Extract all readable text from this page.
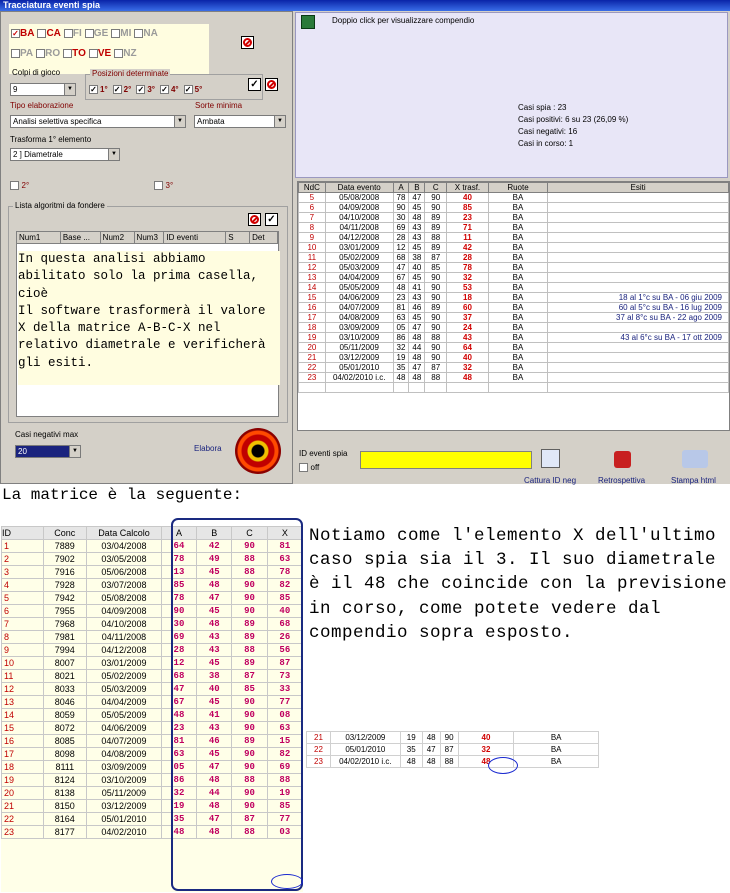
Tracciatura eventi spia
✓BACAFIGEMINA
PAROTOVENZ
Colpi di gioco
9	▼
Posizioni determinate
✓ 1° ✓ 2° ✓ 3° ✓ 4° ✓ 5°	✓
Tipo elaborazione
Analisi selettiva specifica	▼
Sorte minima
Ambata	▼
Trasforma 1° elemento
2 ] Diametrale	▼
2°	3°
Lista algoritmi da fondere
✓
Num1	Base ...	Num2	Num3	ID eventi	S	Det
Casi negativi max
20	▼	Elabora
In questa analisi abbiamo abilitato solo la prima casella, cioè
Il software trasformerà il valore X della matrice A-B-C-X nel relativo diametrale e verificherà gli esiti.
Doppio click per visualizzare compendio
Casi spia : 23
Casi positivi: 6 su 23 (26,09 %)
Casi negativi: 16
Casi in corso: 1
NdC	Data evento	A	B	C	X trasf.	Ruote	Esiti
5	05/08/2008	78	47	90	40	BA	
6	04/09/2008	90	45	90	85	BA	
7	04/10/2008	30	48	89	23	BA	
8	04/11/2008	69	43	89	71	BA	
9	04/12/2008	28	43	88	11	BA	
10	03/01/2009	12	45	89	42	BA	
11	05/02/2009	68	38	87	28	BA	
12	05/03/2009	47	40	85	78	BA	
13	04/04/2009	67	45	90	32	BA	
14	05/05/2009	48	41	90	53	BA	
15	04/06/2009	23	43	90	18	BA	18 al 1°c su BA - 06 giu 2009
16	04/07/2009	81	46	89	60	BA	60 al 5°c su BA - 16 lug 2009
17	04/08/2009	63	45	90	37	BA	37 al 8°c su BA - 22 ago 2009
18	03/09/2009	05	47	90	24	BA	
19	03/10/2009	86	48	88	43	BA	43 al 6°c su BA - 17 ott 2009
20	05/11/2009	32	44	90	64	BA	
21	03/12/2009	19	48	90	40	BA	
22	05/01/2010	35	47	87	32	BA	
23	04/02/2010 i.c.	48	48	88	48	BA	

ID eventi spia
off
Cattura ID neg	Retrospettiva	Stampa html
La matrice è la seguente:
ID	Conc	Data Calcolo	A	B	C	X
1	7889	03/04/2008	64	42	90	81
2	7902	03/05/2008	78	49	88	63
3	7916	05/06/2008	13	45	88	78
4	7928	03/07/2008	85	48	90	82
5	7942	05/08/2008	78	47	90	85
6	7955	04/09/2008	90	45	90	40
7	7968	04/10/2008	30	48	89	68
8	7981	04/11/2008	69	43	89	26
9	7994	04/12/2008	28	43	88	56
10	8007	03/01/2009	12	45	89	87
11	8021	05/02/2009	68	38	87	73
12	8033	05/03/2009	47	40	85	33
13	8046	04/04/2009	67	45	90	77
14	8059	05/05/2009	48	41	90	08
15	8072	04/06/2009	23	43	90	63
16	8085	04/07/2009	81	46	89	15
17	8098	04/08/2009	63	45	90	82
18	8111	03/09/2009	05	47	90	69
19	8124	03/10/2009	86	48	88	88
20	8138	05/11/2009	32	44	90	19
21	8150	03/12/2009	19	48	90	85
22	8164	05/01/2010	35	47	87	77
23	8177	04/02/2010	48	48	88	03
Notiamo come l'elemento X dell'ultimo caso spia sia il 3. Il suo diametrale è il 48 che coincide con la previsione in corso, come potete vedere dal compendio sopra esposto.
21	03/12/2009	19	48	90	40	BA
22	05/01/2010	35	47	87	32	BA
23	04/02/2010 i.c.	48	48	88	48	BA
